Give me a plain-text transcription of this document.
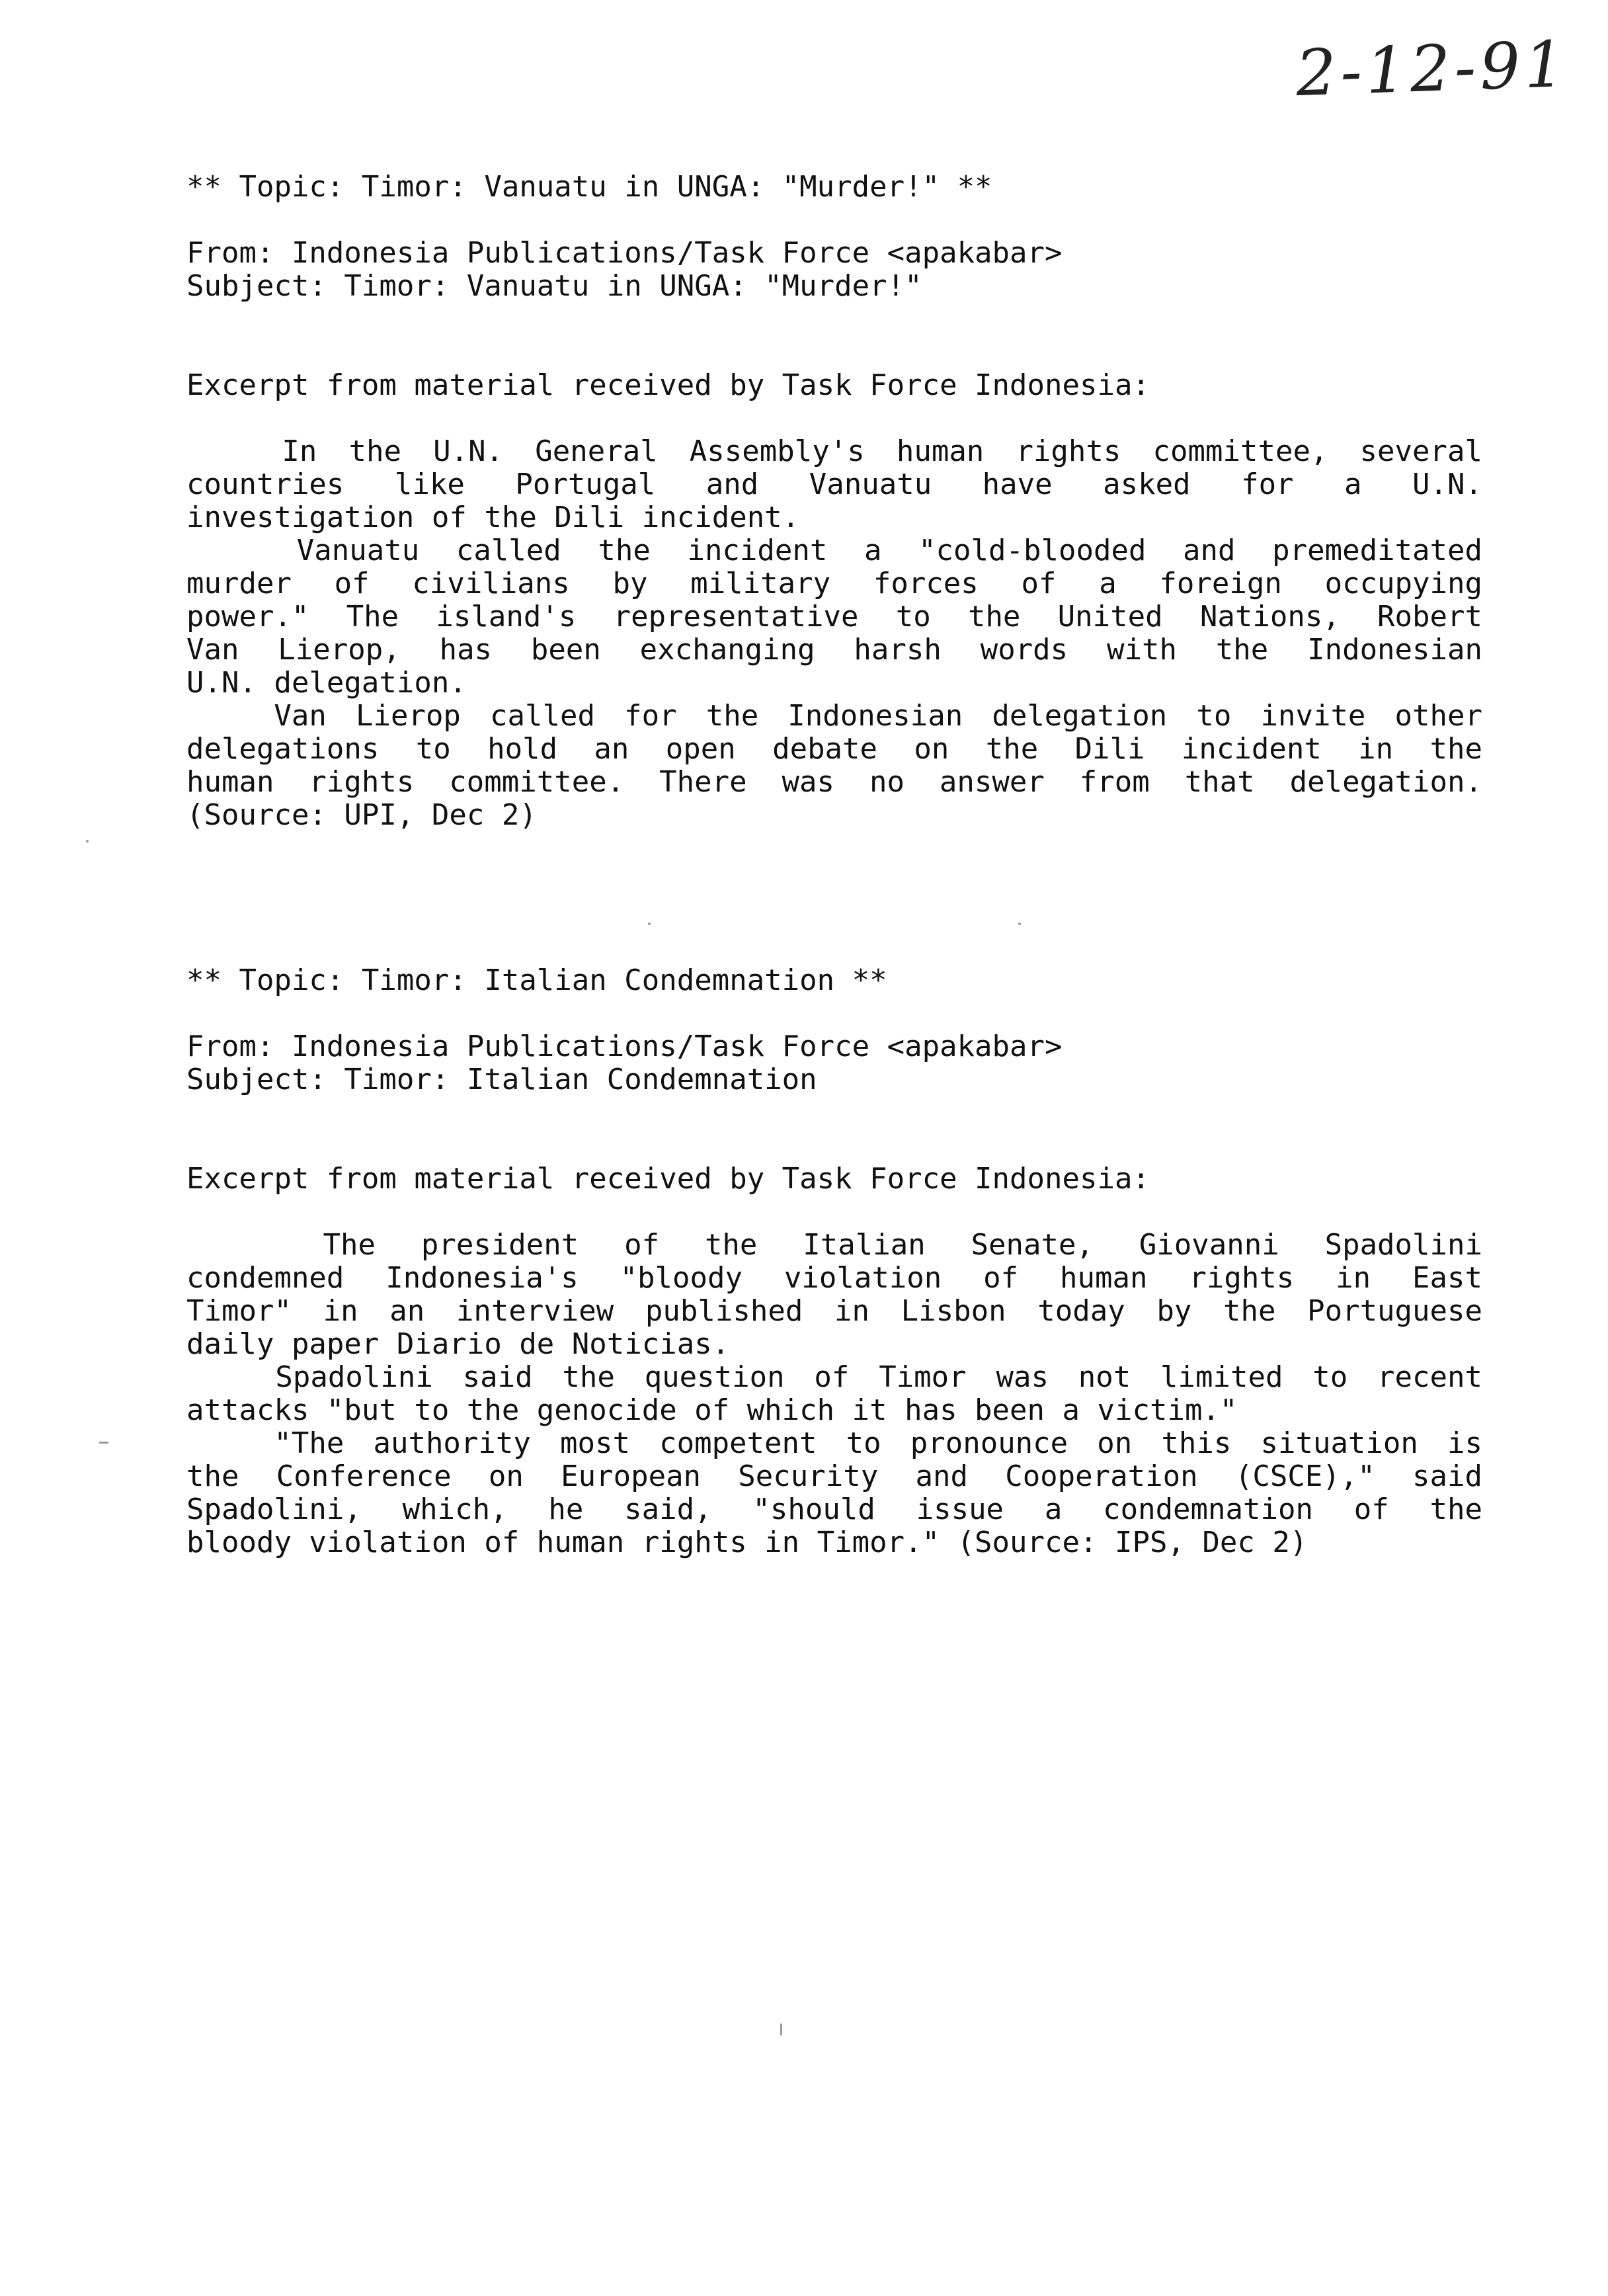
2-12-91
** Topic: Timor: Vanuatu in UNGA: "Murder!" **
From: Indonesia Publications/Task Force <apakabar>
Subject: Timor: Vanuatu in UNGA: "Murder!"
Excerpt from material received by Task Force Indonesia:
In the U.N. General Assembly's human rights committee, several
countries like Portugal and Vanuatu have asked for a U.N.
investigation of the Dili incident.
Vanuatu called the incident a "cold-blooded and premeditated
murder of civilians by military forces of a foreign occupying
power." The island's representative to the United Nations, Robert
Van Lierop, has been exchanging harsh words with the Indonesian
U.N. delegation.
Van Lierop called for the Indonesian delegation to invite other
delegations to hold an open debate on the Dili incident in the
human rights committee. There was no answer from that delegation.
(Source: UPI, Dec 2)
** Topic: Timor: Italian Condemnation **
From: Indonesia Publications/Task Force <apakabar>
Subject: Timor: Italian Condemnation
Excerpt from material received by Task Force Indonesia:
The president of the Italian Senate, Giovanni Spadolini
condemned Indonesia's "bloody violation of human rights in East
Timor" in an interview published in Lisbon today by the Portuguese
daily paper Diario de Noticias.
Spadolini said the question of Timor was not limited to recent
attacks "but to the genocide of which it has been a victim."
"The authority most competent to pronounce on this situation is
the Conference on European Security and Cooperation (CSCE)," said
Spadolini, which, he said, "should issue a condemnation of the
bloody violation of human rights in Timor." (Source: IPS, Dec 2)
